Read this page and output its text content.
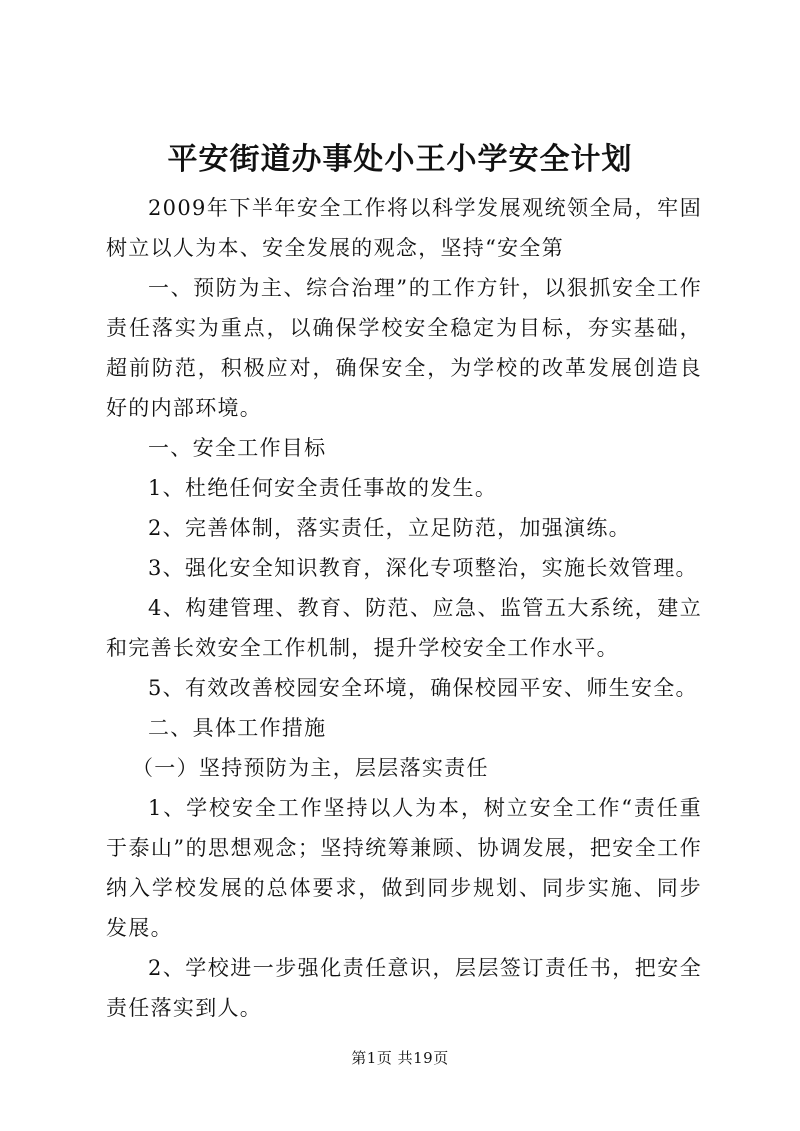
平安街道办事处小王小学安全计划

2009年下半年安全工作将以科学发展观统领全局，牢固树立以人为本、安全发展的观念，坚持“安全第

一、预防为主、综合治理”的工作方针，以狠抓安全工作责任落实为重点，以确保学校安全稳定为目标，夯实基础，超前防范，积极应对，确保安全，为学校的改革发展创造良好的内部环境。

一、安全工作目标

1、杜绝任何安全责任事故的发生。

2、完善体制，落实责任，立足防范，加强演练。

3、强化安全知识教育，深化专项整治，实施长效管理。

4、构建管理、教育、防范、应急、监管五大系统，建立和完善长效安全工作机制，提升学校安全工作水平。

5、有效改善校园安全环境，确保校园平安、师生安全。

二、具体工作措施

（一）坚持预防为主，层层落实责任

1、学校安全工作坚持以人为本，树立安全工作“责任重于泰山”的思想观念；坚持统筹兼顾、协调发展，把安全工作纳入学校发展的总体要求，做到同步规划、同步实施、同步发展。

2、学校进一步强化责任意识，层层签订责任书，把安全责任落实到人。

第1页 共19页
